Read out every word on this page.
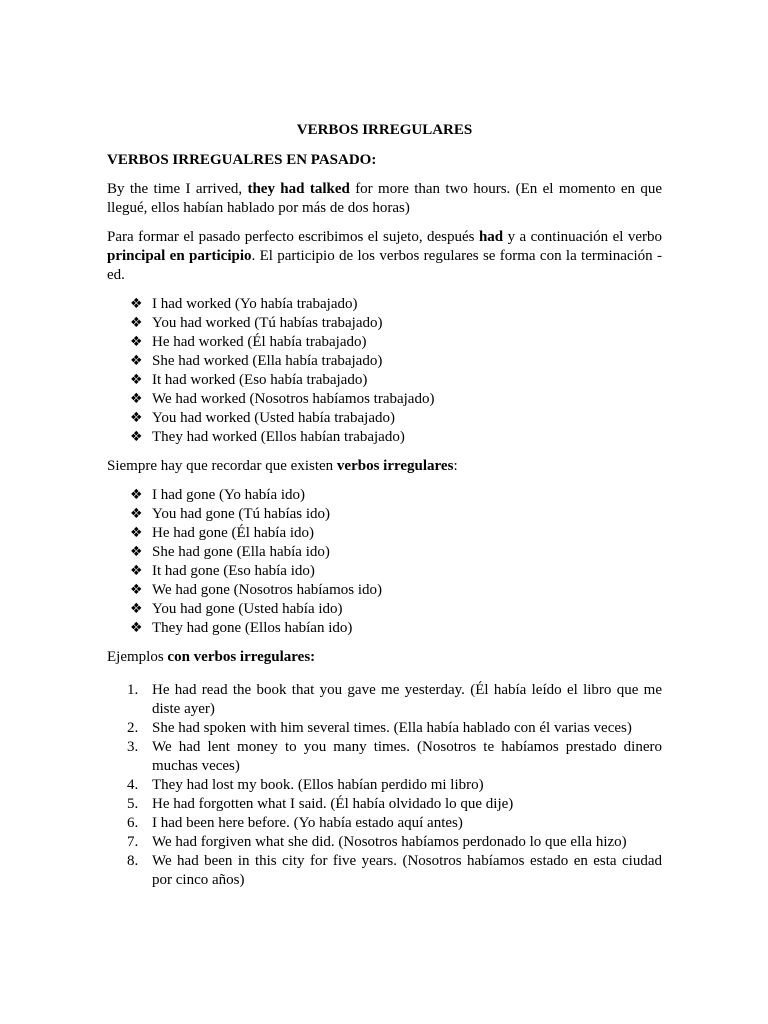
VERBOS IRREGULARES
VERBOS IRREGUALRES EN PASADO:

By the time I arrived, they had talked for more than two hours. (En el momento en que llegué, ellos habían hablado por más de dos horas)

Para formar el pasado perfecto escribimos el sujeto, después had y a continuación el verbo principal en participio. El participio de los verbos regulares se forma con la terminación -ed.

❖ I had worked (Yo había trabajado)
❖ You had worked (Tú habías trabajado)
❖ He had worked (Él había trabajado)
❖ She had worked (Ella había trabajado)
❖ It had worked (Eso había trabajado)
❖ We had worked (Nosotros habíamos trabajado)
❖ You had worked (Usted había trabajado)
❖ They had worked (Ellos habían trabajado)

Siempre hay que recordar que existen verbos irregulares:

❖ I had gone (Yo había ido)
❖ You had gone (Tú habías ido)
❖ He had gone (Él había ido)
❖ She had gone (Ella había ido)
❖ It had gone (Eso había ido)
❖ We had gone (Nosotros habíamos ido)
❖ You had gone (Usted había ido)
❖ They had gone (Ellos habían ido)

Ejemplos con verbos irregulares:

1. He had read the book that you gave me yesterday. (Él había leído el libro que me diste ayer)
2. She had spoken with him several times. (Ella había hablado con él varias veces)
3. We had lent money to you many times. (Nosotros te habíamos prestado dinero muchas veces)
4. They had lost my book. (Ellos habían perdido mi libro)
5. He had forgotten what I said. (Él había olvidado lo que dije)
6. I had been here before. (Yo había estado aquí antes)
7. We had forgiven what she did. (Nosotros habíamos perdonado lo que ella hizo)
8. We had been in this city for five years. (Nosotros habíamos estado en esta ciudad por cinco años)
